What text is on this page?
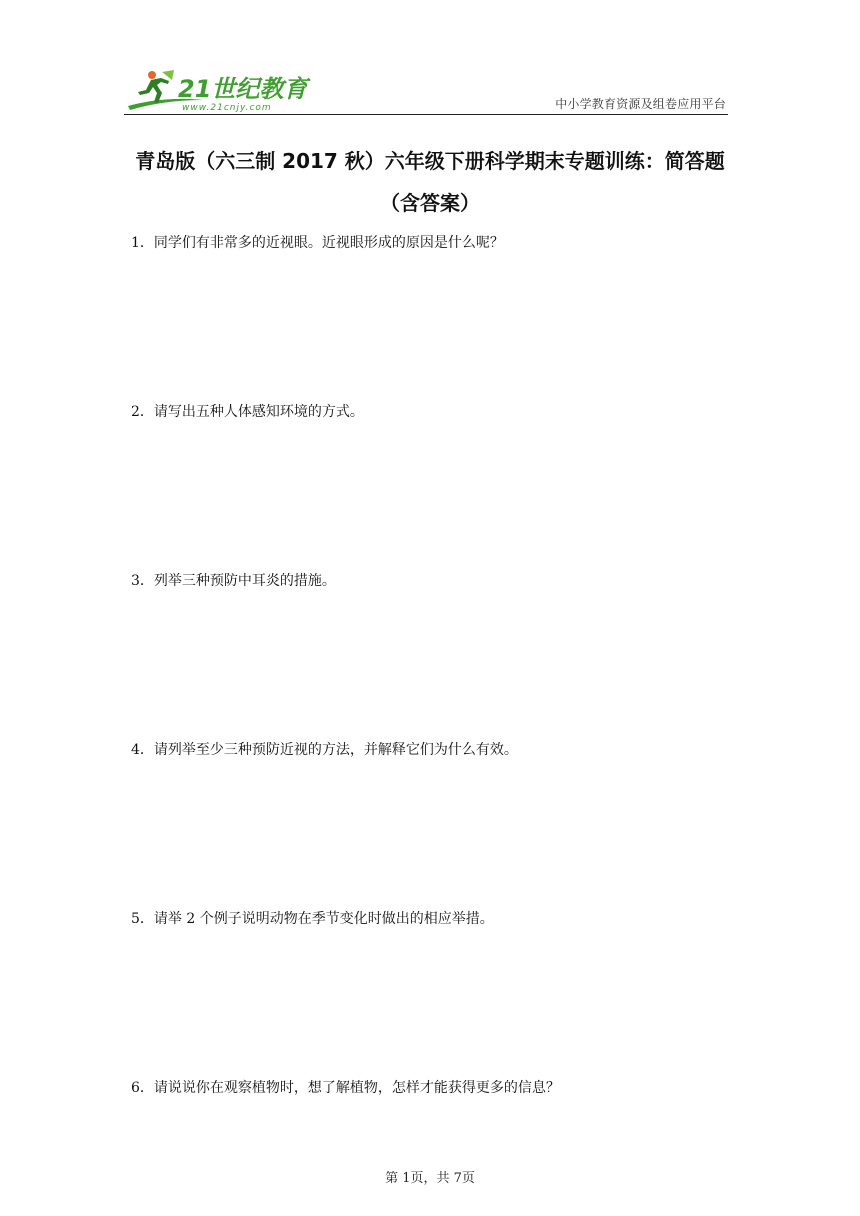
21世纪教育
www.21cnjy.com	中小学教育资源及组卷应用平台
青岛版（六三制 2017 秋）六年级下册科学期末专题训练：简答题（含答案）
1．同学们有非常多的近视眼。近视眼形成的原因是什么呢？
2．请写出五种人体感知环境的方式。
3．列举三种预防中耳炎的措施。
4．请列举至少三种预防近视的方法，并解释它们为什么有效。
5．请举 2 个例子说明动物在季节变化时做出的相应举措。
6．请说说你在观察植物时，想了解植物，怎样才能获得更多的信息？
第 1页，共 7页
